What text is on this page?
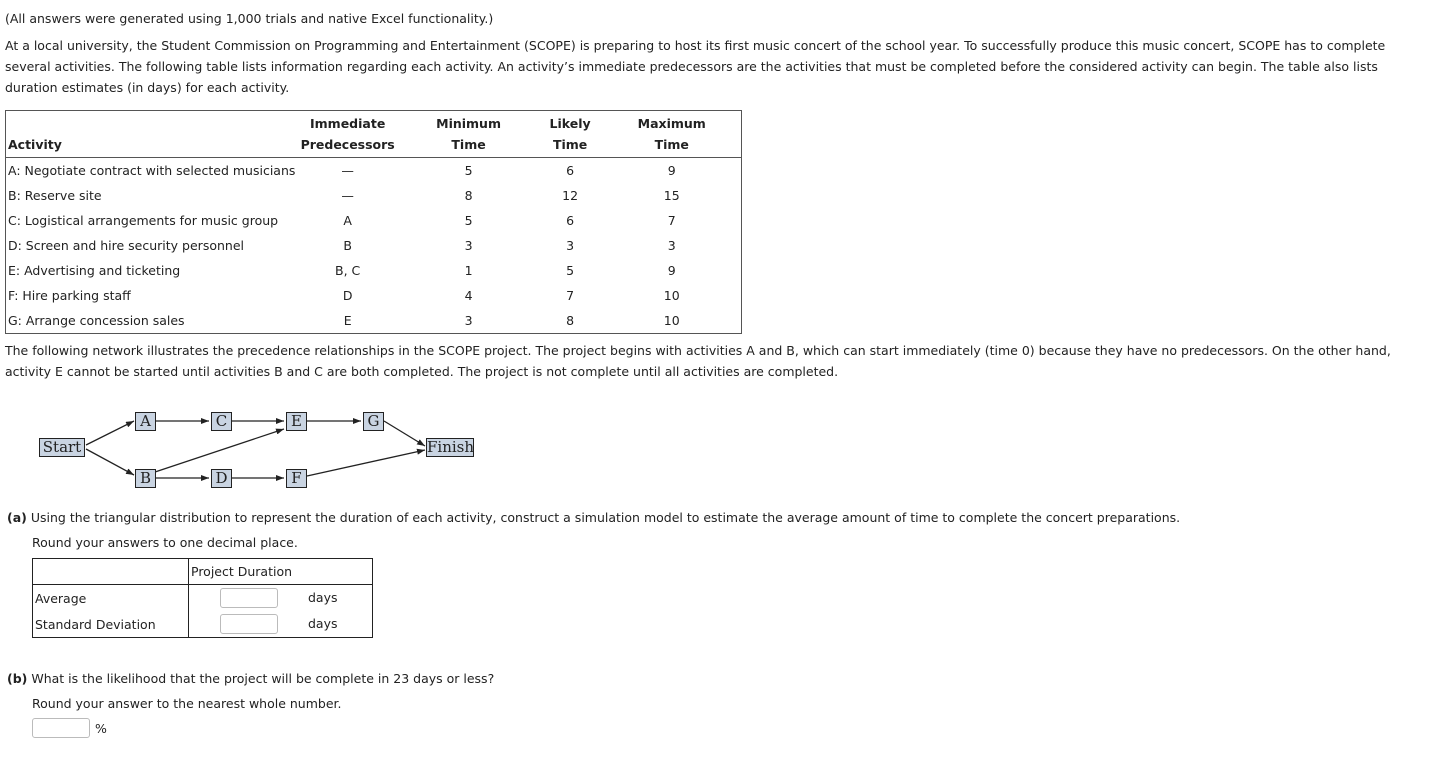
(All answers were generated using 1,000 trials and native Excel functionality.)

At a local university, the Student Commission on Programming and Entertainment (SCOPE) is preparing to host its first music concert of the school year. To successfully produce this music concert, SCOPE has to complete several activities. The following table lists information regarding each activity. An activity’s immediate predecessors are the activities that must be completed before the considered activity can begin. The table also lists duration estimates (in days) for each activity.

	Immediate	Minimum	Likely	Maximum
Activity	Predecessors	Time	Time	Time
A: Negotiate contract with selected musicians	—	5	6	9
B: Reserve site	—	8	12	15
C: Logistical arrangements for music group	A	5	6	7
D: Screen and hire security personnel	B	3	3	3
E: Advertising and ticketing	B, C	1	5	9
F: Hire parking staff	D	4	7	10
G: Arrange concession sales	E	3	8	10

The following network illustrates the precedence relationships in the SCOPE project. The project begins with activities A and B, which can start immediately (time 0) because they have no predecessors. On the other hand, activity E cannot be started until activities B and C are both completed. The project is not complete until all activities are completed.

Start
A
B
C
D
E
F
G
Finish

(a) Using the triangular distribution to represent the duration of each activity, construct a simulation model to estimate the average amount of time to complete the concert preparations.

Round your answers to one decimal place.

	Project Duration
Average	days
Standard Deviation	days

(b) What is the likelihood that the project will be complete in 23 days or less?

Round your answer to the nearest whole number.

%
